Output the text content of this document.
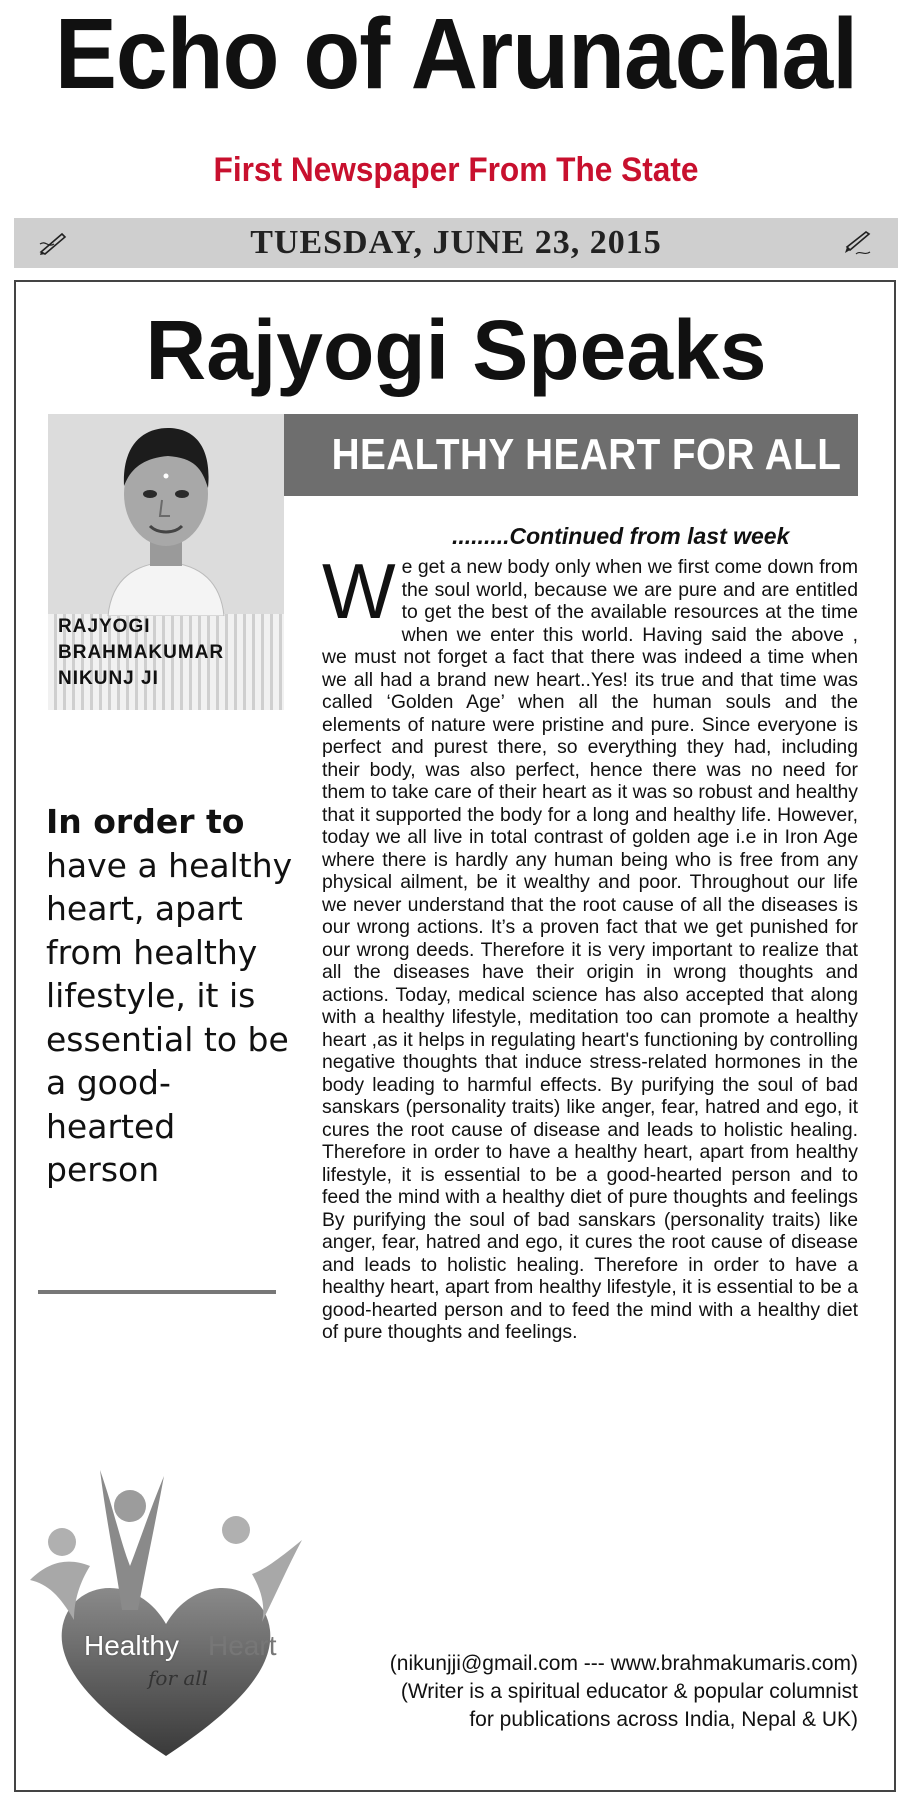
Echo of Arunachal
First Newspaper From The State
TUESDAY, JUNE 23, 2015
Rajyogi Speaks
HEALTHY HEART FOR ALL
RAJYOGI
BRAHMAKUMAR
NIKUNJ JI
.........Continued from last week

We get a new body only when we first come down from the soul world, because we are pure and are entitled to get the best of the available resources at the time when we enter this world. Having said the above , we must not forget a fact that there was indeed a time when we all had a brand new heart..Yes! its true and that time was called ‘Golden Age’ when all the human souls and the elements of nature were pristine and pure. Since everyone is perfect and purest there, so everything they had, including their body, was also perfect, hence there was no need for them to take care of their heart as it was so robust and healthy that it supported the body for a long and healthy life. However, today we all live in total contrast of golden age i.e in Iron Age where there is hardly any human being who is free from any physical ailment, be it wealthy and poor. Throughout our life we never understand that the root cause of all the diseases is our wrong actions. It’s a proven fact that we get punished for our wrong deeds. Therefore it is very important to realize that all the diseases have their origin in wrong thoughts and actions. Today, medical science has also accepted that along with a healthy lifestyle, meditation too can promote a healthy heart ,as it helps in regulating heart's functioning by controlling negative thoughts that induce stress-related hormones in the body leading to harmful effects. By purifying the soul of bad sanskars (personality traits) like anger, fear, hatred and ego, it cures the root cause of disease and leads to holistic healing. Therefore in order to have a healthy heart, apart from healthy lifestyle, it is essential to be a good-hearted person and to feed the mind with a healthy diet of pure thoughts and feelings By purifying the soul of bad sanskars (personality traits) like anger, fear, hatred and ego, it cures the root cause of disease and leads to holistic healing. Therefore in order to have a healthy heart, apart from healthy lifestyle, it is essential to be a good-hearted person and to feed the mind with a healthy diet of pure thoughts and feelings.

In order to have a healthy heart, apart from healthy lifestyle, it is essential to be a good-hearted person
Healthy Heart
for all
(nikunjji@gmail.com --- www.brahmakumaris.com)
(Writer is a spiritual educator & popular columnist
for publications across India, Nepal & UK)
